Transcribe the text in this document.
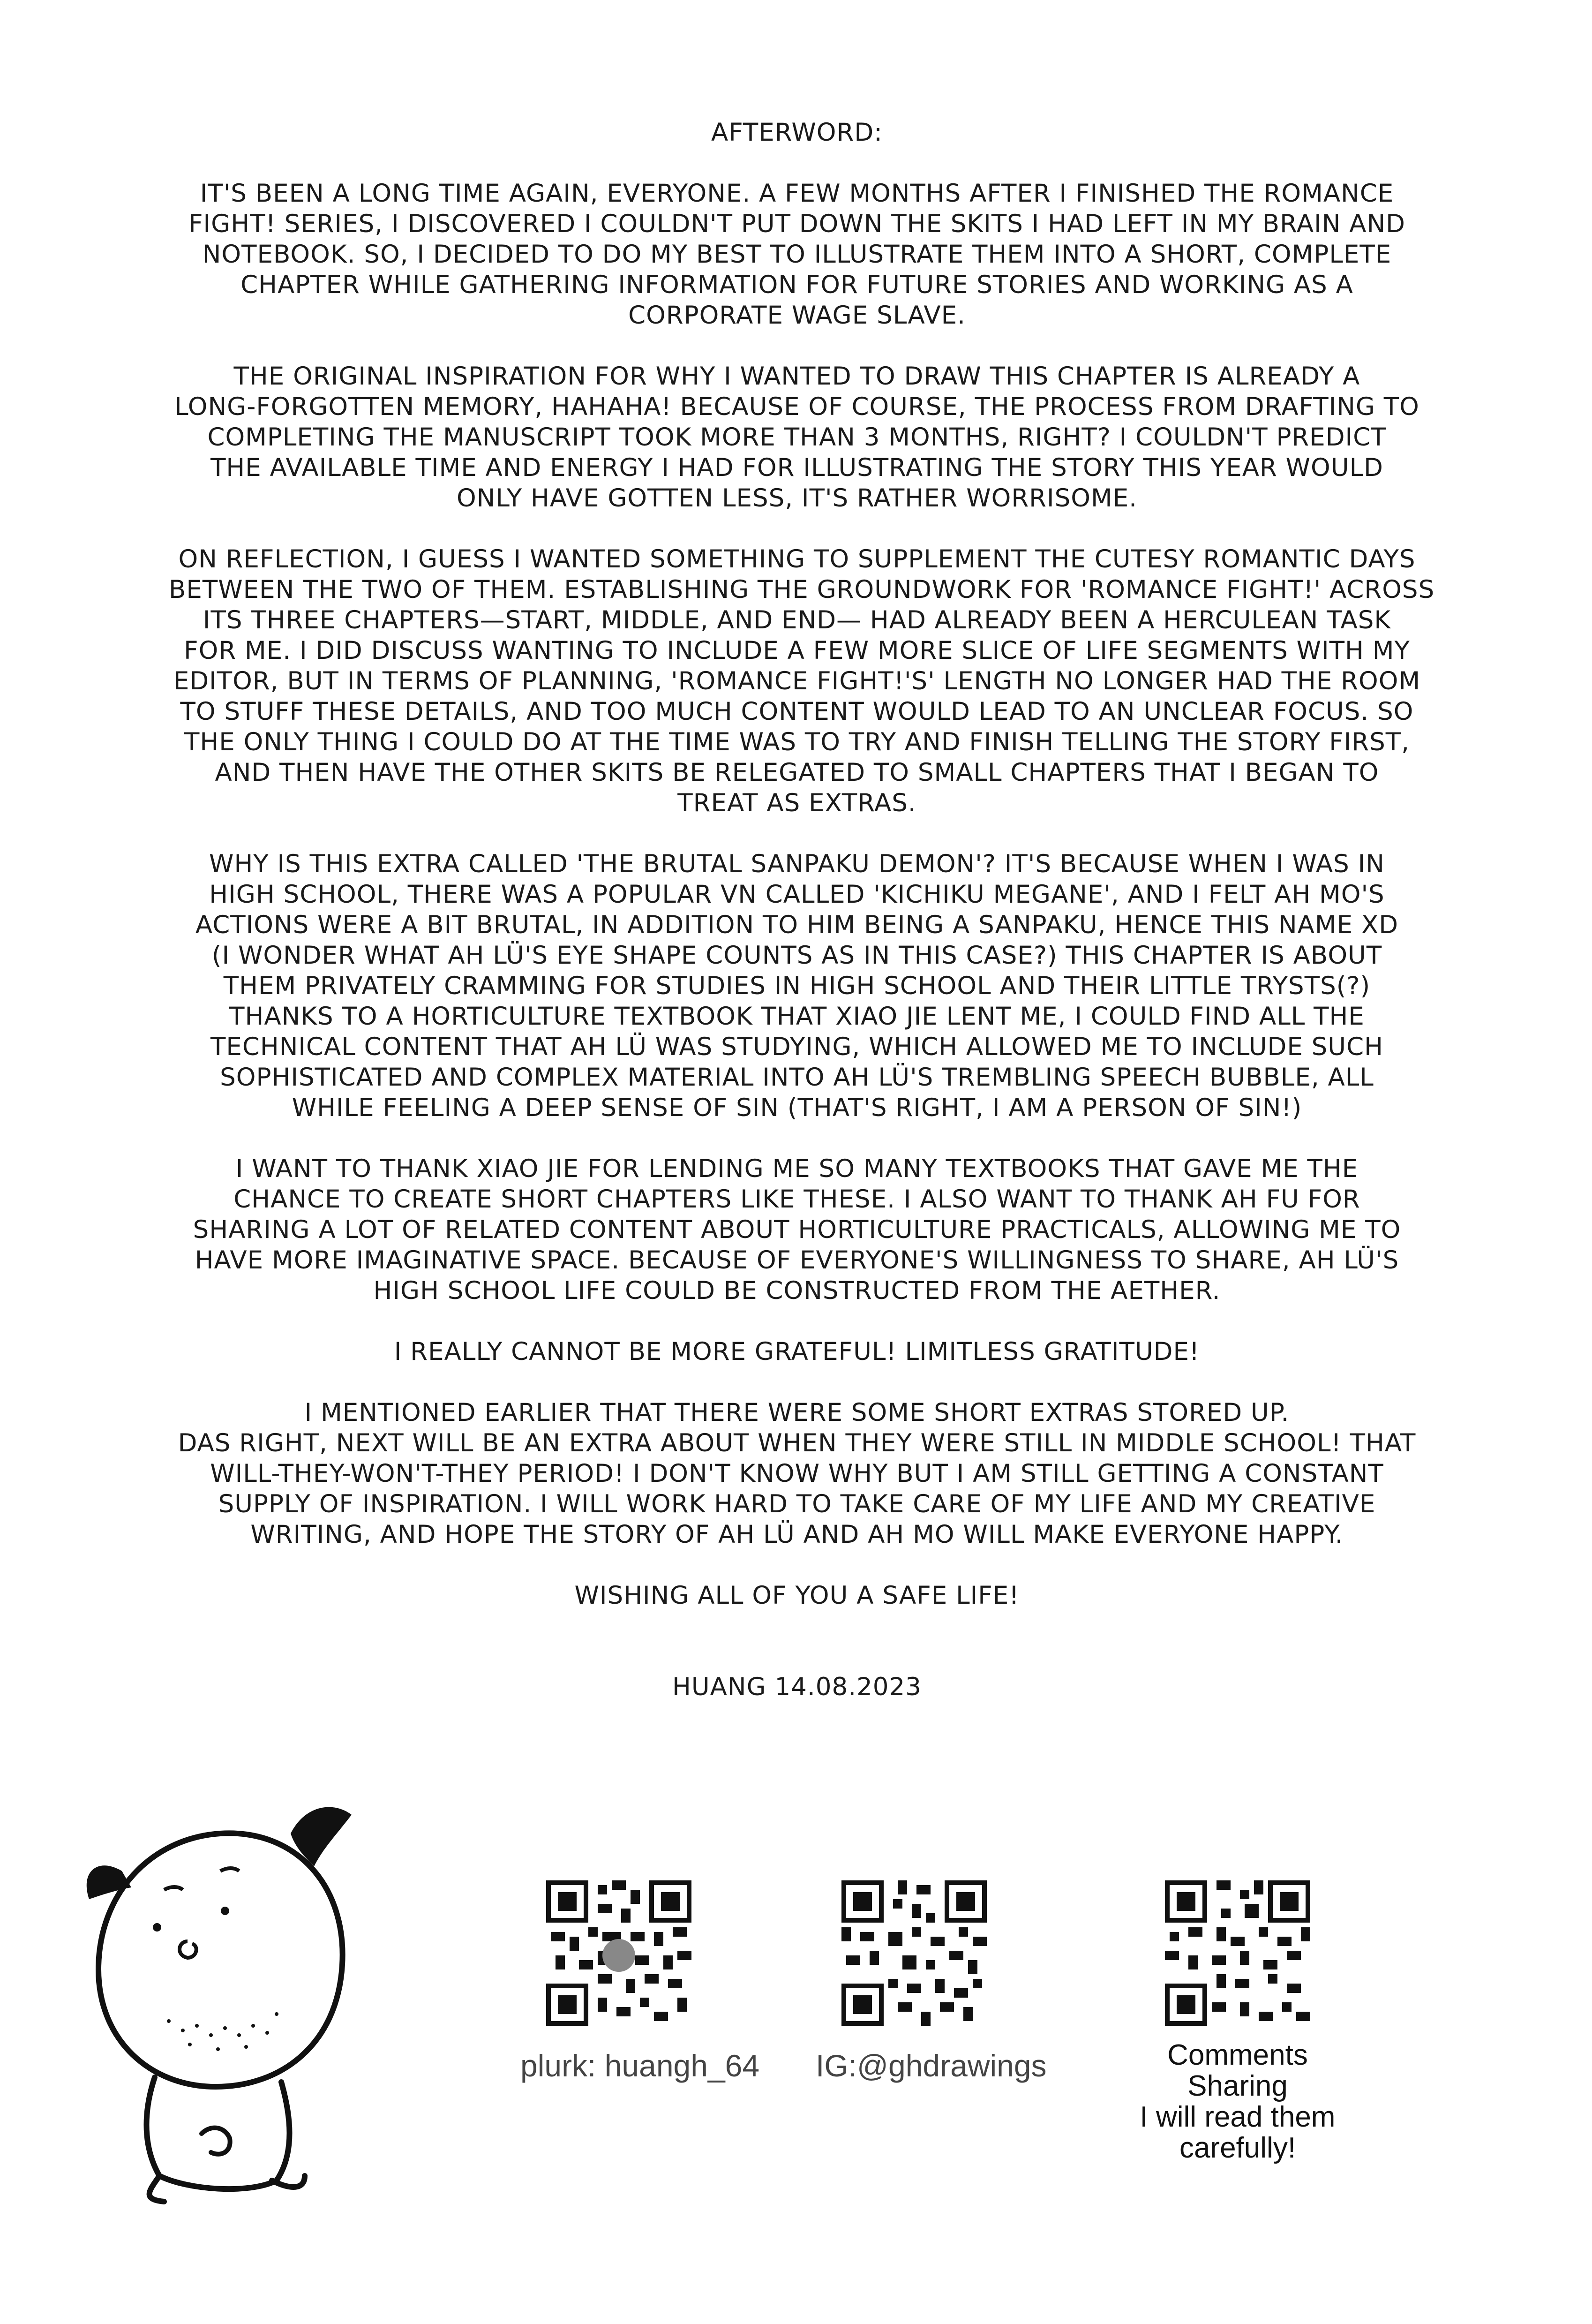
AFTERWORD:
IT'S BEEN A LONG TIME AGAIN, EVERYONE. A FEW MONTHS AFTER I FINISHED THE ROMANCE
FIGHT! SERIES, I DISCOVERED I COULDN'T PUT DOWN THE SKITS I HAD LEFT IN MY BRAIN AND
NOTEBOOK. SO, I DECIDED TO DO MY BEST TO ILLUSTRATE THEM INTO A SHORT, COMPLETE
CHAPTER WHILE GATHERING INFORMATION FOR FUTURE STORIES AND WORKING AS A
CORPORATE WAGE SLAVE.
THE ORIGINAL INSPIRATION FOR WHY I WANTED TO DRAW THIS CHAPTER IS ALREADY A
LONG-FORGOTTEN MEMORY, HAHAHA! BECAUSE OF COURSE, THE PROCESS FROM DRAFTING TO
COMPLETING THE MANUSCRIPT TOOK MORE THAN 3 MONTHS, RIGHT? I COULDN'T PREDICT
THE AVAILABLE TIME AND ENERGY I HAD FOR ILLUSTRATING THE STORY THIS YEAR WOULD
ONLY HAVE GOTTEN LESS, IT'S RATHER WORRISOME.
ON REFLECTION, I GUESS I WANTED SOMETHING TO SUPPLEMENT THE CUTESY ROMANTIC DAYS
BETWEEN THE TWO OF THEM. ESTABLISHING THE GROUNDWORK FOR 'ROMANCE FIGHT!' ACROSS
ITS THREE CHAPTERS—START, MIDDLE, AND END— HAD ALREADY BEEN A HERCULEAN TASK
FOR ME. I DID DISCUSS WANTING TO INCLUDE A FEW MORE SLICE OF LIFE SEGMENTS WITH MY
EDITOR, BUT IN TERMS OF PLANNING, 'ROMANCE FIGHT!'S' LENGTH NO LONGER HAD THE ROOM
TO STUFF THESE DETAILS, AND TOO MUCH CONTENT WOULD LEAD TO AN UNCLEAR FOCUS. SO
THE ONLY THING I COULD DO AT THE TIME WAS TO TRY AND FINISH TELLING THE STORY FIRST,
AND THEN HAVE THE OTHER SKITS BE RELEGATED TO SMALL CHAPTERS THAT I BEGAN TO
TREAT AS EXTRAS.
WHY IS THIS EXTRA CALLED 'THE BRUTAL SANPAKU DEMON'? IT'S BECAUSE WHEN I WAS IN
HIGH SCHOOL, THERE WAS A POPULAR VN CALLED 'KICHIKU MEGANE', AND I FELT AH MO'S
ACTIONS WERE A BIT BRUTAL, IN ADDITION TO HIM BEING A SANPAKU, HENCE THIS NAME XD
(I WONDER WHAT AH LÜ'S EYE SHAPE COUNTS AS IN THIS CASE?) THIS CHAPTER IS ABOUT
THEM PRIVATELY CRAMMING FOR STUDIES IN HIGH SCHOOL AND THEIR LITTLE TRYSTS(?)
THANKS TO A HORTICULTURE TEXTBOOK THAT XIAO JIE LENT ME, I COULD FIND ALL THE
TECHNICAL CONTENT THAT AH LÜ WAS STUDYING, WHICH ALLOWED ME TO INCLUDE SUCH
SOPHISTICATED AND COMPLEX MATERIAL INTO AH LÜ'S TREMBLING SPEECH BUBBLE, ALL
WHILE FEELING A DEEP SENSE OF SIN (THAT'S RIGHT, I AM A PERSON OF SIN!)
I WANT TO THANK XIAO JIE FOR LENDING ME SO MANY TEXTBOOKS THAT GAVE ME THE
CHANCE TO CREATE SHORT CHAPTERS LIKE THESE. I ALSO WANT TO THANK AH FU FOR
SHARING A LOT OF RELATED CONTENT ABOUT HORTICULTURE PRACTICALS, ALLOWING ME TO
HAVE MORE IMAGINATIVE SPACE. BECAUSE OF EVERYONE'S WILLINGNESS TO SHARE, AH LÜ'S
HIGH SCHOOL LIFE COULD BE CONSTRUCTED FROM THE AETHER.
I REALLY CANNOT BE MORE GRATEFUL! LIMITLESS GRATITUDE!
I MENTIONED EARLIER THAT THERE WERE SOME SHORT EXTRAS STORED UP.
DAS RIGHT, NEXT WILL BE AN EXTRA ABOUT WHEN THEY WERE STILL IN MIDDLE SCHOOL! THAT
WILL-THEY-WON'T-THEY PERIOD! I DON'T KNOW WHY BUT I AM STILL GETTING A CONSTANT
SUPPLY OF INSPIRATION. I WILL WORK HARD TO TAKE CARE OF MY LIFE AND MY CREATIVE
WRITING, AND HOPE THE STORY OF AH LÜ AND AH MO WILL MAKE EVERYONE HAPPY.
WISHING ALL OF YOU A SAFE LIFE!
HUANG 14.08.2023
plurk: huangh_64 IG:@ghdrawings	Comments
Sharing
I will read them
carefully!
